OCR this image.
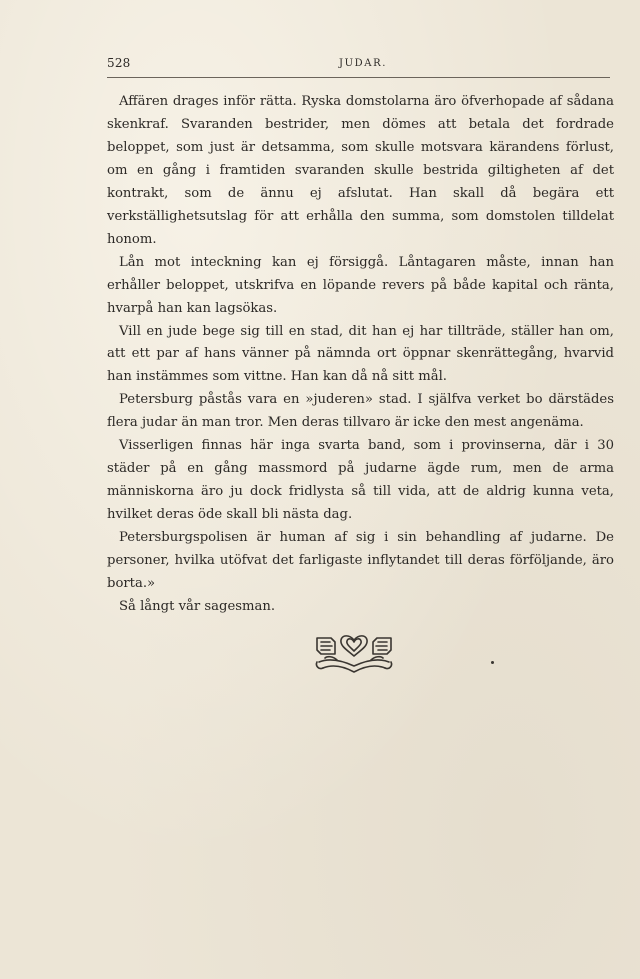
528	JUDAR.

Affären drages inför rätta. Ryska domstolarna äro öfverhopade af sådana skenkraf. Svaranden bestrider, men dömes att betala det fordrade beloppet, som just är detsamma, som skulle motsvara kärandens förlust, om en gång i framtiden svaranden skulle bestrida giltigheten af det kontrakt, som de ännu ej afslutat. Han skall då begära ett verkställighetsutslag för att erhålla den summa, som domstolen tilldelat honom.

Lån mot inteckning kan ej försiggå. Låntagaren måste, innan han erhåller beloppet, utskrifva en löpande revers på både kapital och ränta, hvarpå han kan lagsökas.

Vill en jude bege sig till en stad, dit han ej har tillträde, ställer han om, att ett par af hans vänner på nämnda ort öppnar skenrättegång, hvarvid han instämmes som vittne. Han kan då nå sitt mål.

Petersburg påstås vara en »juderen» stad. I själfva verket bo därstädes flera judar än man tror. Men deras tillvaro är icke den mest angenäma.

Visserligen finnas här inga svarta band, som i provinserna, där i 30 städer på en gång massmord på judarne ägde rum, men de arma människorna äro ju dock fridlysta så till vida, att de aldrig kunna veta, hvilket deras öde skall bli nästa dag.

Petersburgspolisen är human af sig i sin behandling af judarne. De personer, hvilka utöfvat det farligaste inflytandet till deras förföljande, äro borta.»

Så långt vår sagesman.
